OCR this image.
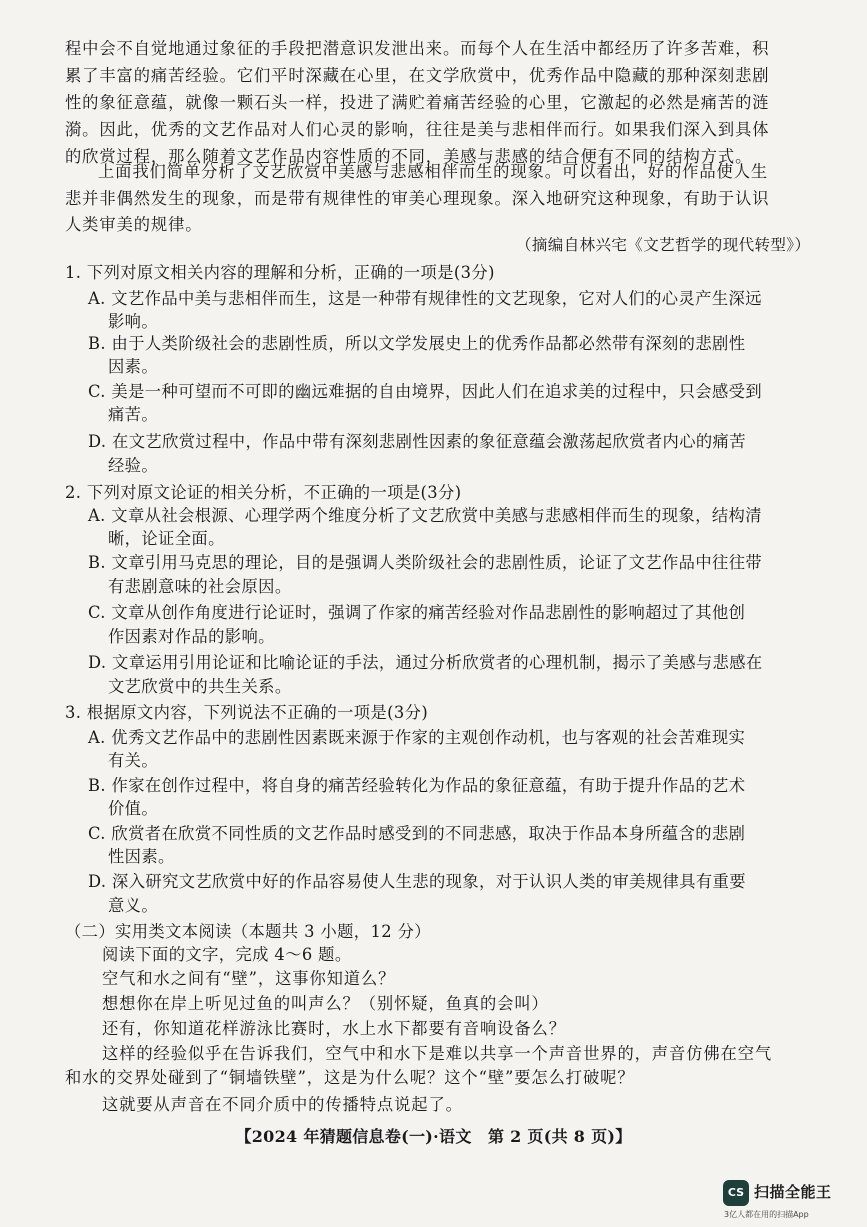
程中会不自觉地通过象征的手段把潜意识发泄出来。而每个人在生活中都经历了许多苦难，积
累了丰富的痛苦经验。它们平时深藏在心里，在文学欣赏中，优秀作品中隐藏的那种深刻悲剧
性的象征意蕴，就像一颗石头一样，投进了满贮着痛苦经验的心里，它激起的必然是痛苦的涟
漪。因此，优秀的文艺作品对人们心灵的影响，往往是美与悲相伴而行。如果我们深入到具体
的欣赏过程，那么随着文艺作品内容性质的不同，美感与悲感的结合便有不同的结构方式。
上面我们简单分析了文艺欣赏中美感与悲感相伴而生的现象。可以看出，好的作品使人生
悲并非偶然发生的现象，而是带有规律性的审美心理现象。深入地研究这种现象，有助于认识
人类审美的规律。
（摘编自林兴宅《文艺哲学的现代转型》）
1. 下列对原文相关内容的理解和分析，正确的一项是(3分)
A. 文艺作品中美与悲相伴而生，这是一种带有规律性的文艺现象，它对人们的心灵产生深远
影响。
B. 由于人类阶级社会的悲剧性质，所以文学发展史上的优秀作品都必然带有深刻的悲剧性
因素。
C. 美是一种可望而不可即的幽远难据的自由境界，因此人们在追求美的过程中，只会感受到
痛苦。
D. 在文艺欣赏过程中，作品中带有深刻悲剧性因素的象征意蕴会激荡起欣赏者内心的痛苦
经验。
2. 下列对原文论证的相关分析，不正确的一项是(3分)
A. 文章从社会根源、心理学两个维度分析了文艺欣赏中美感与悲感相伴而生的现象，结构清
晰，论证全面。
B. 文章引用马克思的理论，目的是强调人类阶级社会的悲剧性质，论证了文艺作品中往往带
有悲剧意味的社会原因。
C. 文章从创作角度进行论证时，强调了作家的痛苦经验对作品悲剧性的影响超过了其他创
作因素对作品的影响。
D. 文章运用引用论证和比喻论证的手法，通过分析欣赏者的心理机制，揭示了美感与悲感在
文艺欣赏中的共生关系。
3. 根据原文内容，下列说法不正确的一项是(3分)
A. 优秀文艺作品中的悲剧性因素既来源于作家的主观创作动机，也与客观的社会苦难现实
有关。
B. 作家在创作过程中，将自身的痛苦经验转化为作品的象征意蕴，有助于提升作品的艺术
价值。
C. 欣赏者在欣赏不同性质的文艺作品时感受到的不同悲感，取决于作品本身所蕴含的悲剧
性因素。
D. 深入研究文艺欣赏中好的作品容易使人生悲的现象，对于认识人类的审美规律具有重要
意义。
（二）实用类文本阅读（本题共 3 小题，12 分）
阅读下面的文字，完成 4～6 题。
空气和水之间有“壁”，这事你知道么？
想想你在岸上听见过鱼的叫声么？（别怀疑，鱼真的会叫）
还有，你知道花样游泳比赛时，水上水下都要有音响设备么？
这样的经验似乎在告诉我们，空气中和水下是难以共享一个声音世界的，声音仿佛在空气
和水的交界处碰到了“铜墙铁壁”，这是为什么呢？这个“壁”要怎么打破呢？
这就要从声音在不同介质中的传播特点说起了。
【2024 年猜题信息卷(一)·语文　第 2 页(共 8 页)】
CS 扫描全能王
3亿人都在用的扫描App
